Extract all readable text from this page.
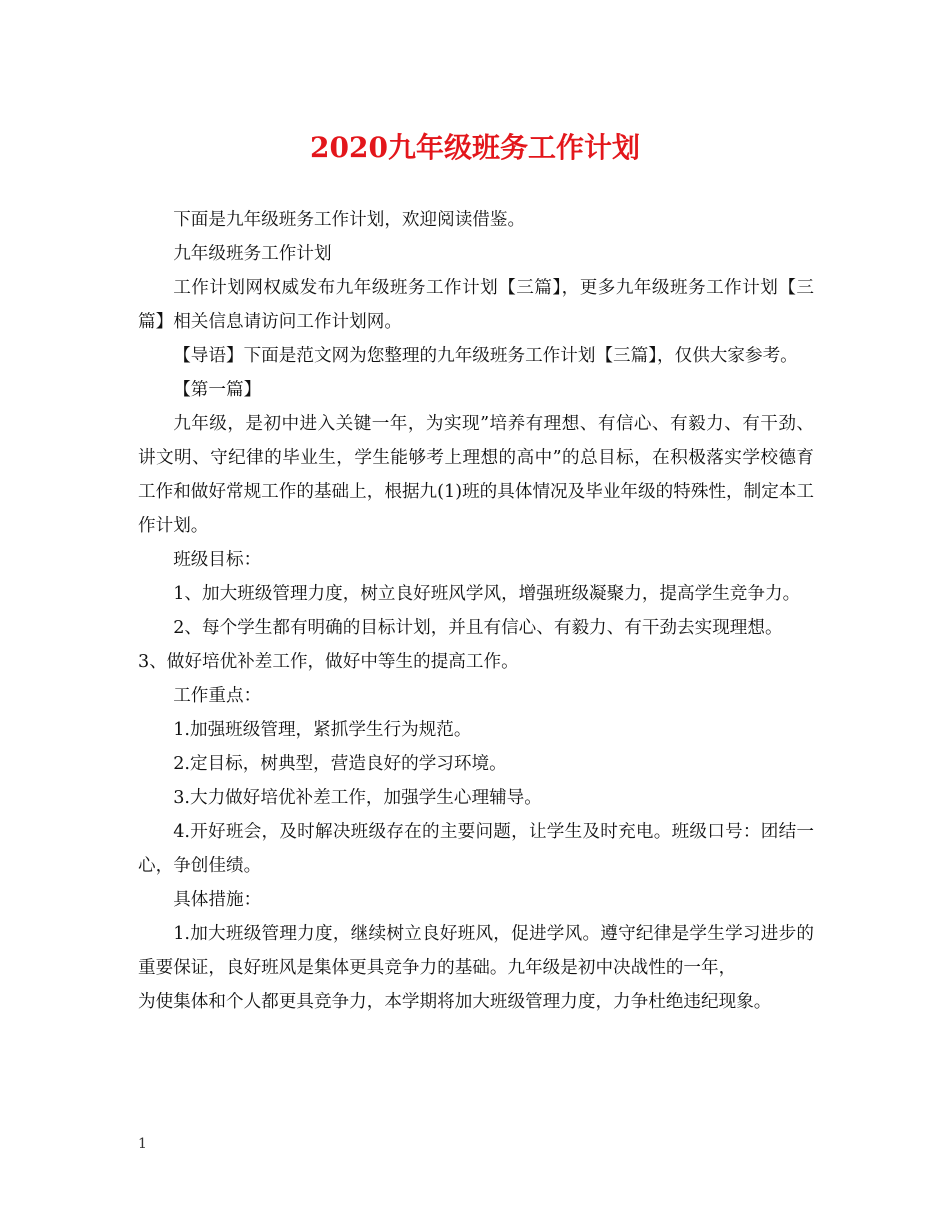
2020九年级班务工作计划

下面是九年级班务工作计划，欢迎阅读借鉴。

九年级班务工作计划

工作计划网权威发布九年级班务工作计划【三篇】，更多九年级班务工作计划【三篇】相关信息请访问工作计划网。

【导语】下面是范文网为您整理的九年级班务工作计划【三篇】，仅供大家参考。

【第一篇】

九年级，是初中进入关键一年，为实现”培养有理想、有信心、有毅力、有干劲、讲文明、守纪律的毕业生，学生能够考上理想的高中”的总目标，在积极落实学校德育工作和做好常规工作的基础上，根据九(1)班的具体情况及毕业年级的特殊性，制定本工作计划。

班级目标：

1、加大班级管理力度，树立良好班风学风，增强班级凝聚力，提高学生竞争力。

2、每个学生都有明确的目标计划，并且有信心、有毅力、有干劲去实现理想。

3、做好培优补差工作，做好中等生的提高工作。

工作重点：

1.加强班级管理，紧抓学生行为规范。

2.定目标，树典型，营造良好的学习环境。

3.大力做好培优补差工作，加强学生心理辅导。

4.开好班会，及时解决班级存在的主要问题，让学生及时充电。班级口号：团结一心，争创佳绩。

具体措施：

1.加大班级管理力度，继续树立良好班风，促进学风。遵守纪律是学生学习进步的重要保证，良好班风是集体更具竞争力的基础。九年级是初中决战性的一年，

为使集体和个人都更具竞争力，本学期将加大班级管理力度，力争杜绝违纪现象。

1
